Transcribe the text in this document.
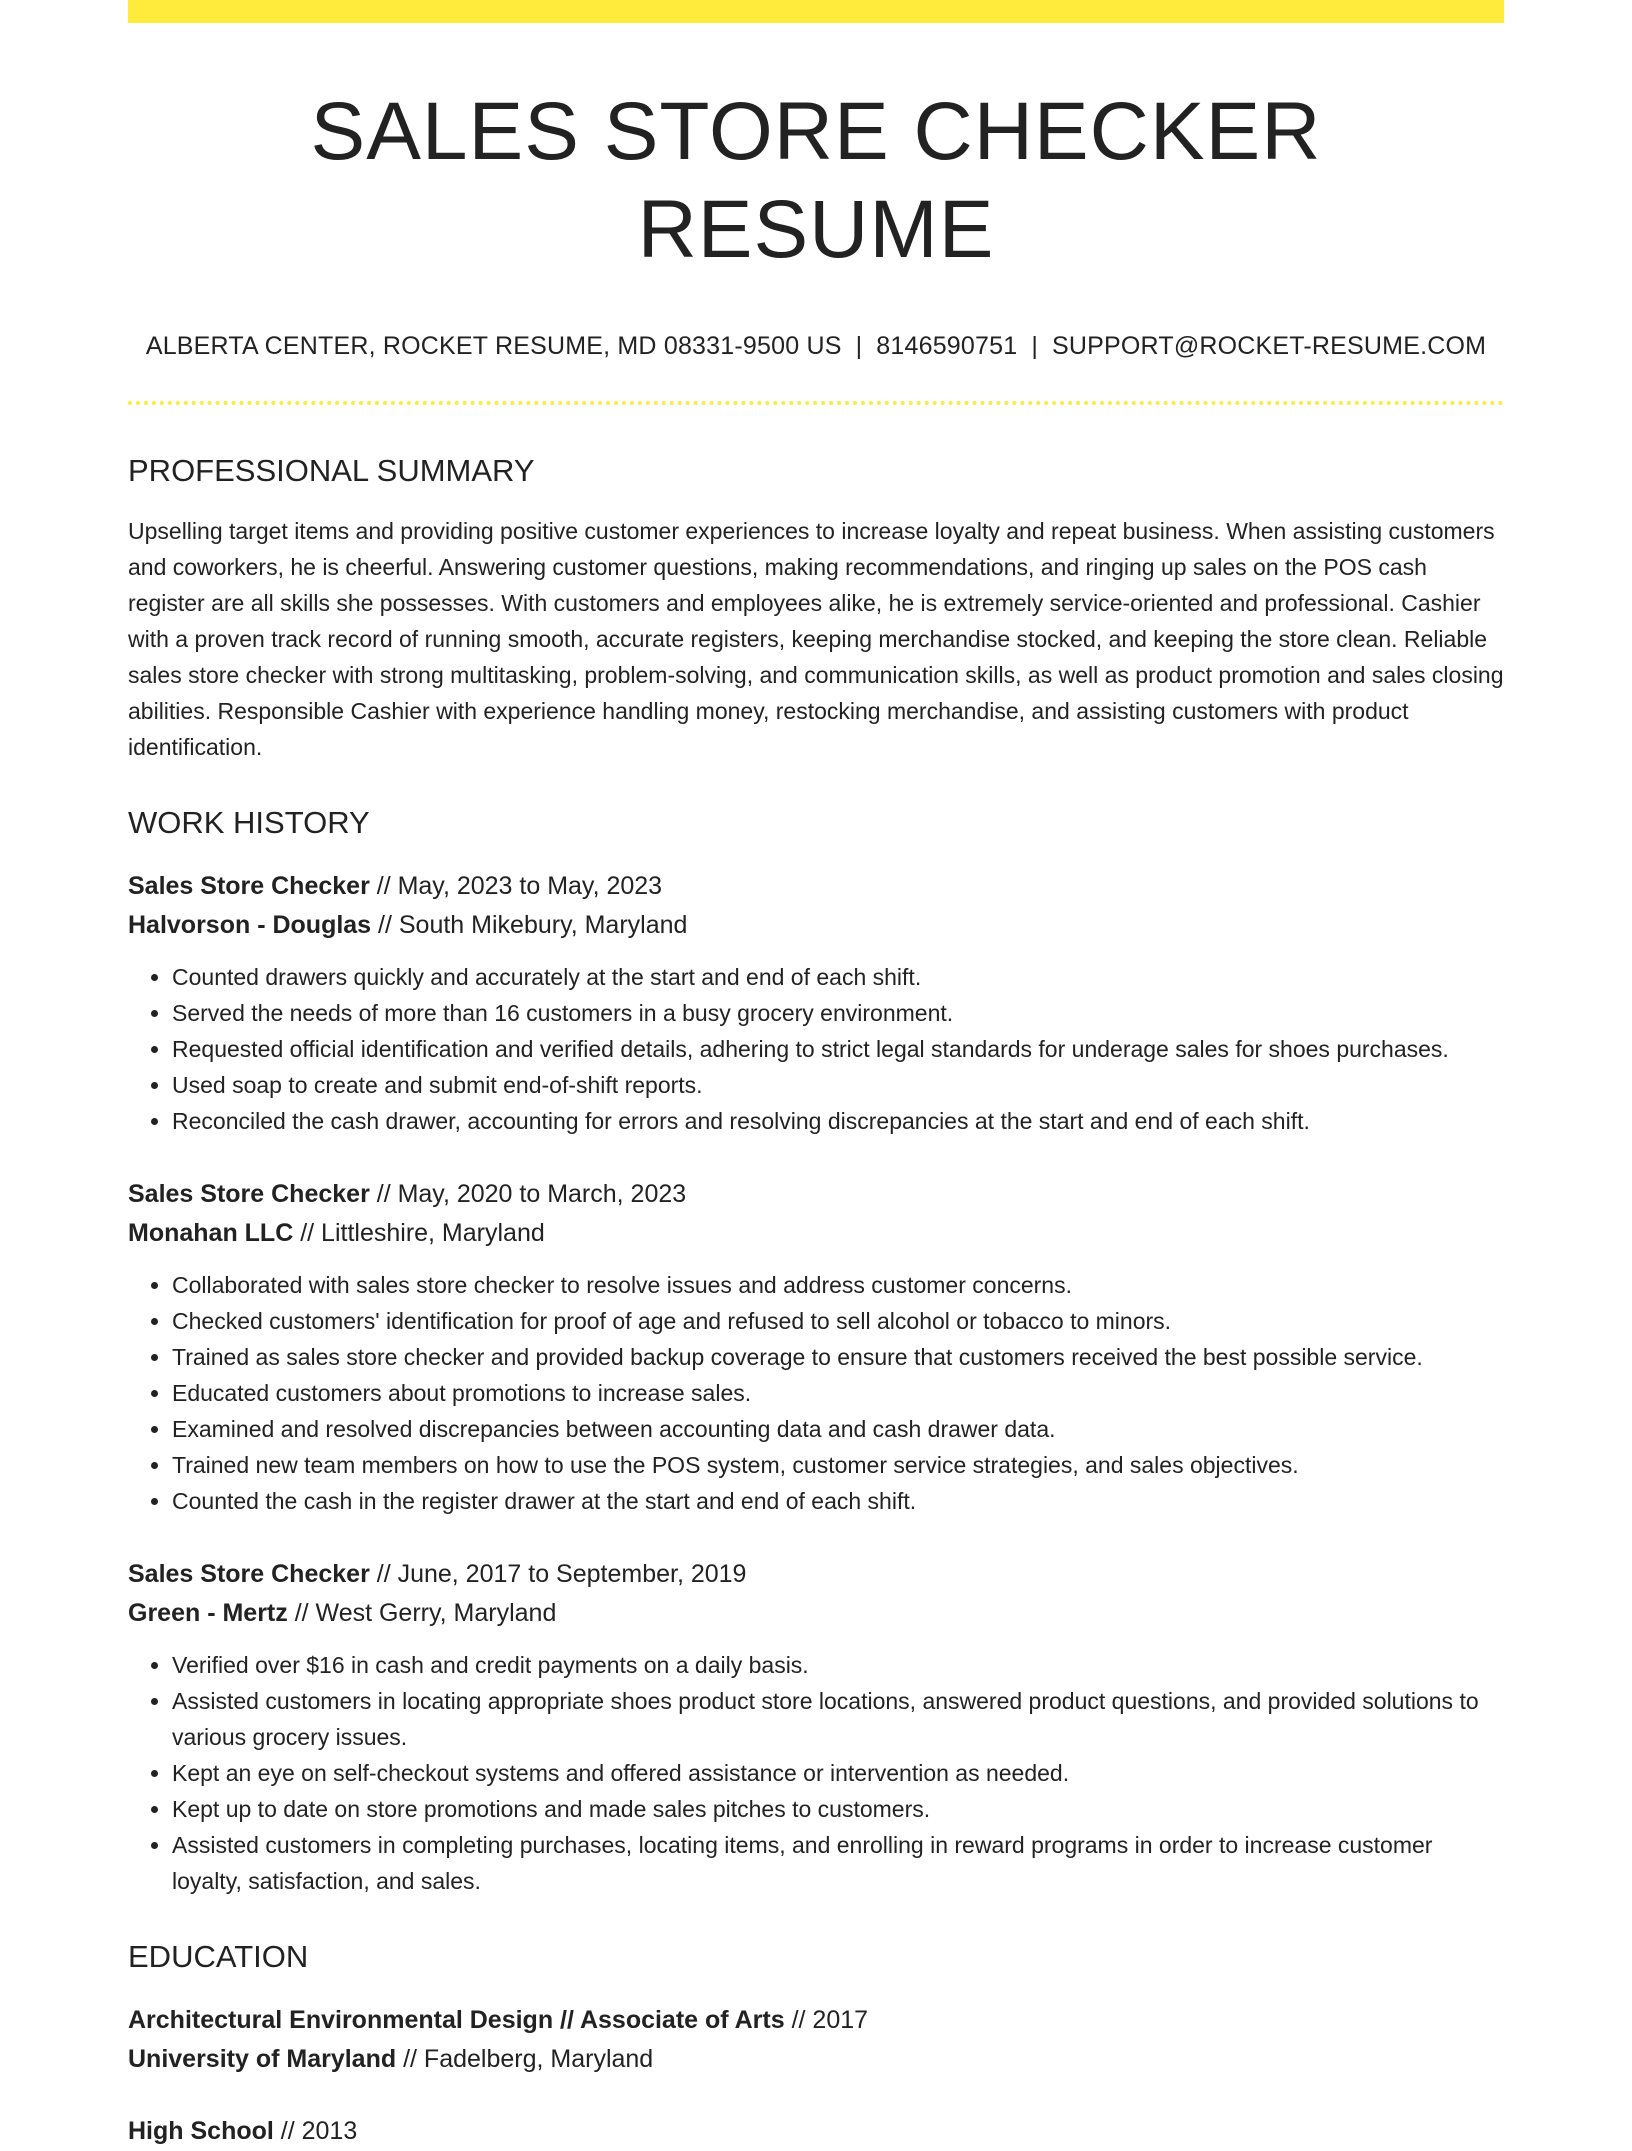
SALES STORE CHECKER RESUME
ALBERTA CENTER, ROCKET RESUME, MD 08331-9500 US | 8146590751 | SUPPORT@ROCKET-RESUME.COM
PROFESSIONAL SUMMARY
Upselling target items and providing positive customer experiences to increase loyalty and repeat business. When assisting customers and coworkers, he is cheerful. Answering customer questions, making recommendations, and ringing up sales on the POS cash register are all skills she possesses. With customers and employees alike, he is extremely service-oriented and professional. Cashier with a proven track record of running smooth, accurate registers, keeping merchandise stocked, and keeping the store clean. Reliable sales store checker with strong multitasking, problem-solving, and communication skills, as well as product promotion and sales closing abilities. Responsible Cashier with experience handling money, restocking merchandise, and assisting customers with product identification.
WORK HISTORY
Sales Store Checker // May, 2023 to May, 2023
Halvorson - Douglas // South Mikebury, Maryland
• Counted drawers quickly and accurately at the start and end of each shift.
• Served the needs of more than 16 customers in a busy grocery environment.
• Requested official identification and verified details, adhering to strict legal standards for underage sales for shoes purchases.
• Used soap to create and submit end-of-shift reports.
• Reconciled the cash drawer, accounting for errors and resolving discrepancies at the start and end of each shift.
Sales Store Checker // May, 2020 to March, 2023
Monahan LLC // Littleshire, Maryland
• Collaborated with sales store checker to resolve issues and address customer concerns.
• Checked customers' identification for proof of age and refused to sell alcohol or tobacco to minors.
• Trained as sales store checker and provided backup coverage to ensure that customers received the best possible service.
• Educated customers about promotions to increase sales.
• Examined and resolved discrepancies between accounting data and cash drawer data.
• Trained new team members on how to use the POS system, customer service strategies, and sales objectives.
• Counted the cash in the register drawer at the start and end of each shift.
Sales Store Checker // June, 2017 to September, 2019
Green - Mertz // West Gerry, Maryland
• Verified over $16 in cash and credit payments on a daily basis.
• Assisted customers in locating appropriate shoes product store locations, answered product questions, and provided solutions to various grocery issues.
• Kept an eye on self-checkout systems and offered assistance or intervention as needed.
• Kept up to date on store promotions and made sales pitches to customers.
• Assisted customers in completing purchases, locating items, and enrolling in reward programs in order to increase customer loyalty, satisfaction, and sales.
EDUCATION
Architectural Environmental Design // Associate of Arts // 2017
University of Maryland // Fadelberg, Maryland
High School // 2013
